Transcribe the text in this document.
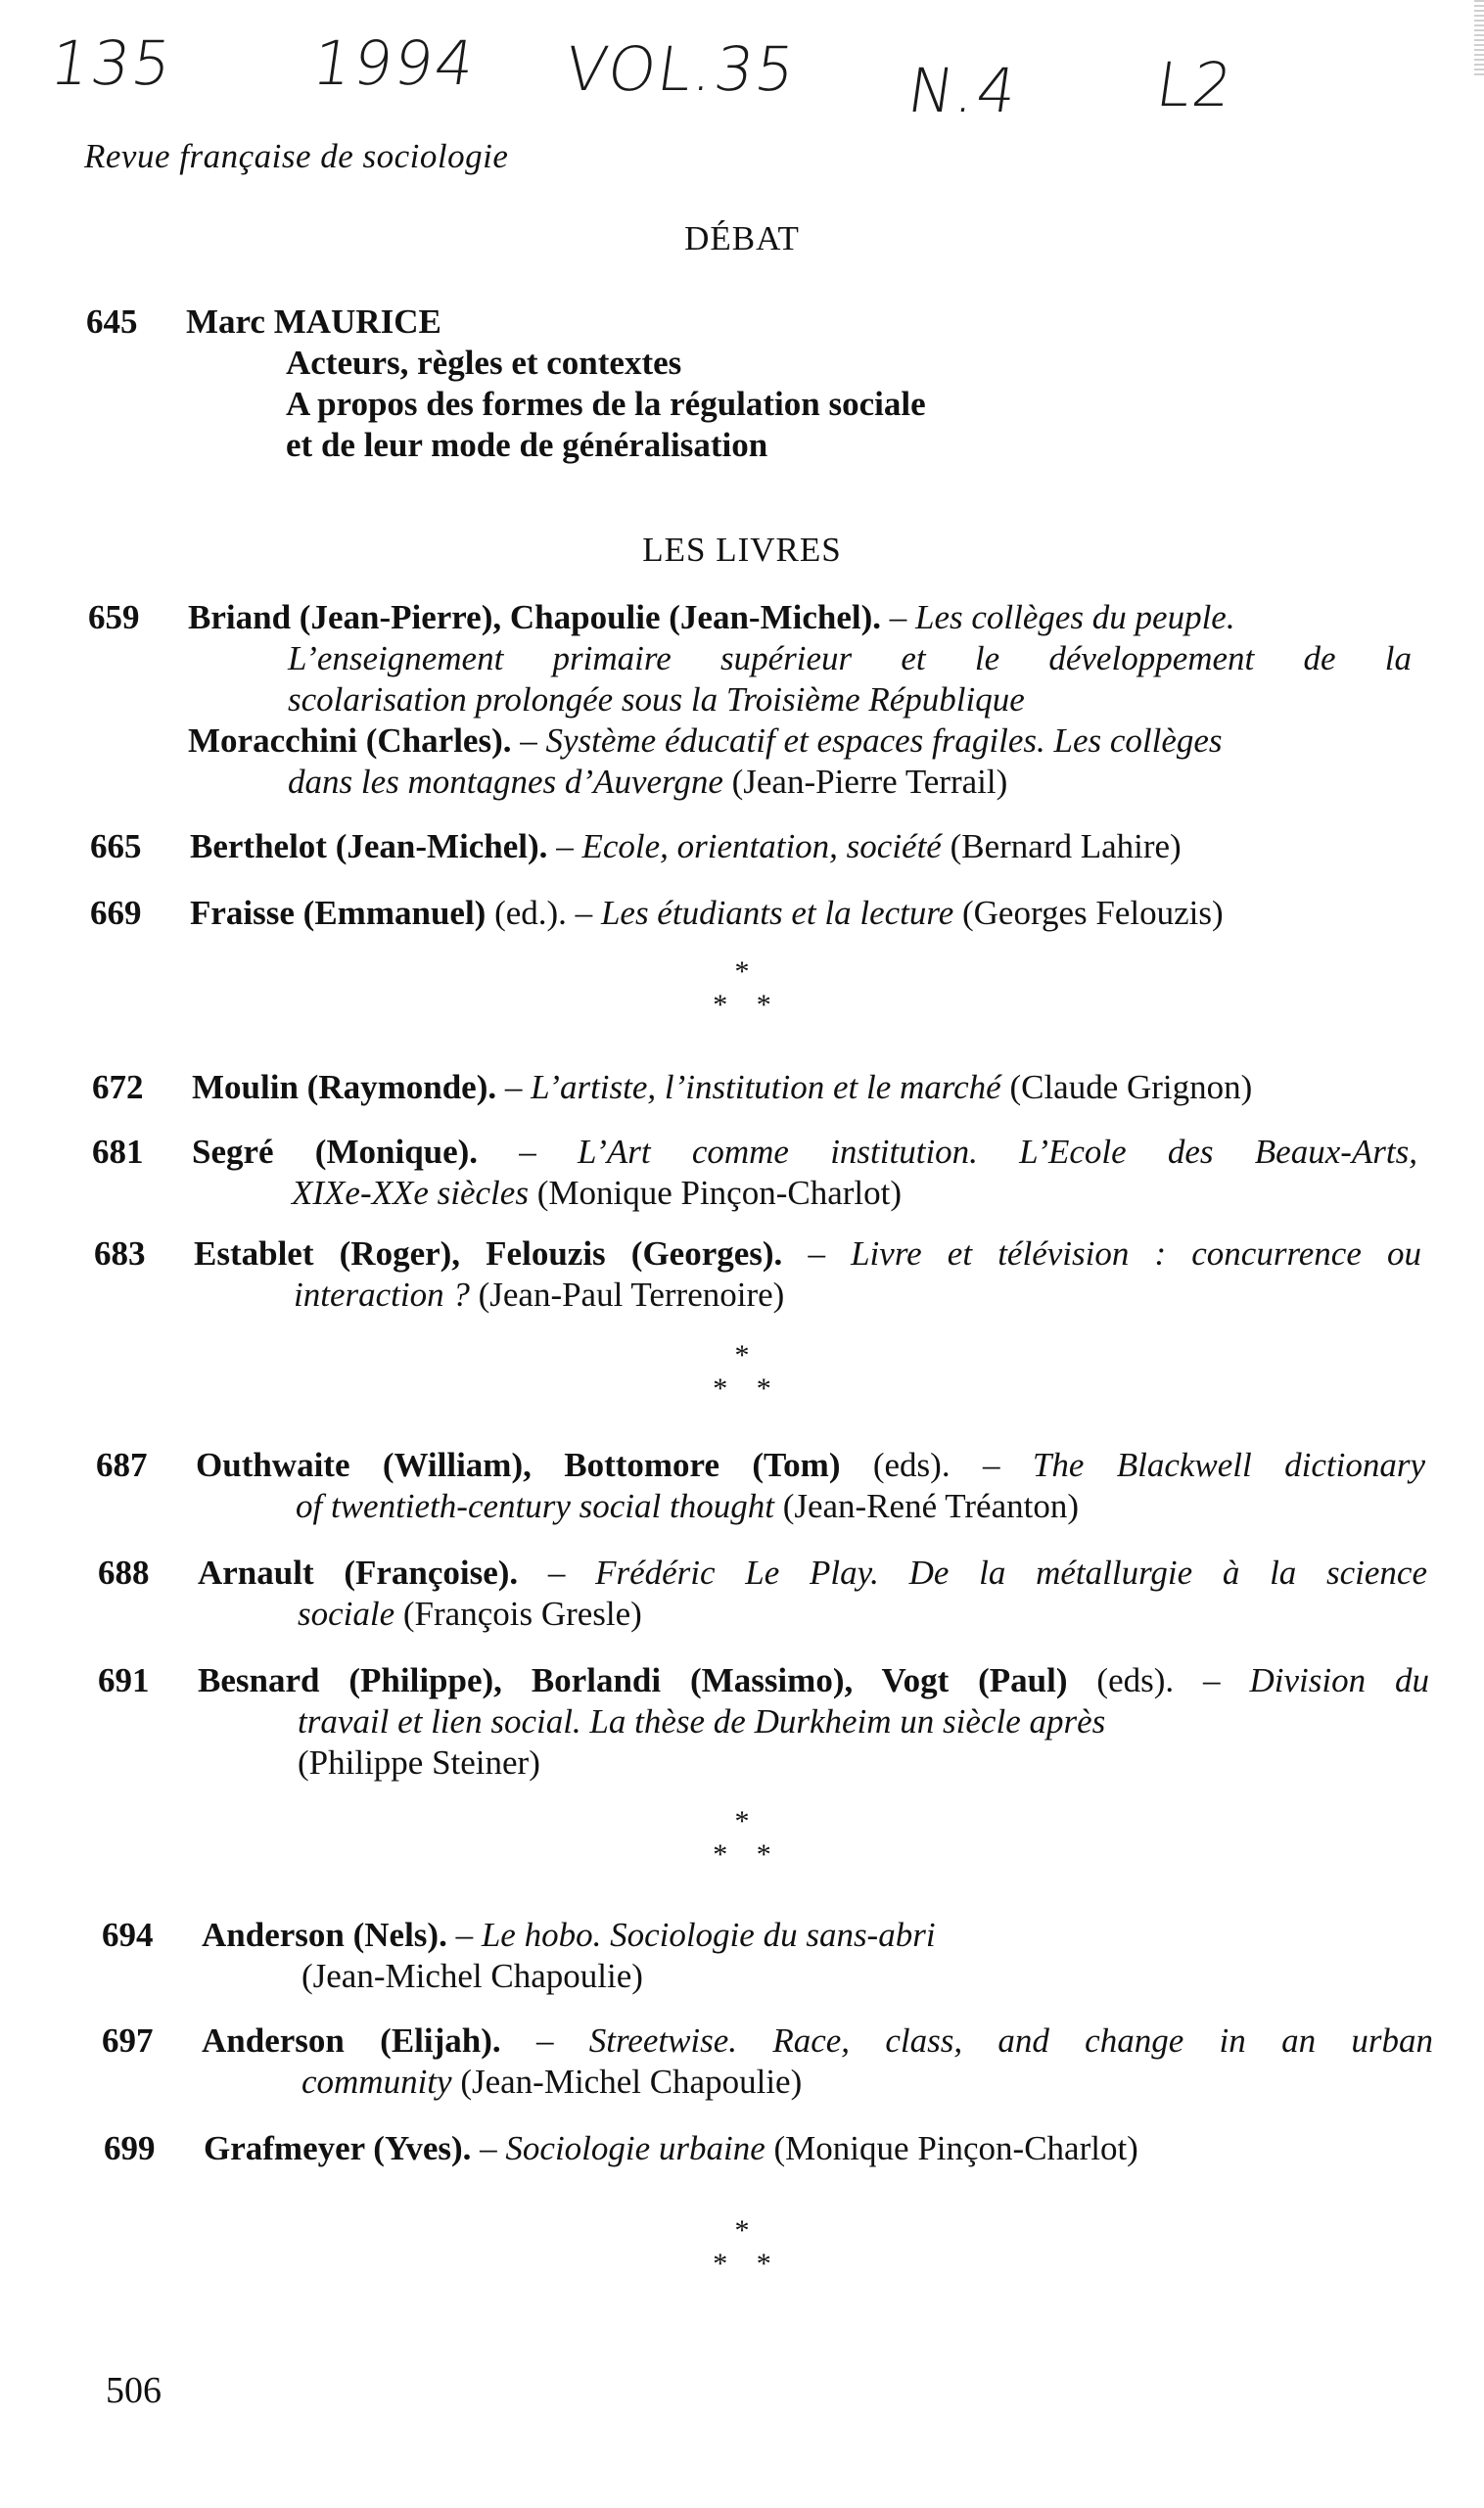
135 1994 VOL.35 N.4 L2
Revue française de sociologie
DÉBAT
645 Marc MAURICE

Acteurs, règles et contextes

A propos des formes de la régulation sociale

et de leur mode de généralisation

LES LIVRES
659 Briand (Jean-Pierre), Chapoulie (Jean-Michel). – Les collèges du peuple.

L’enseignement primaire supérieur et le développement de la

scolarisation prolongée sous la Troisième République

Moracchini (Charles). – Système éducatif et espaces fragiles. Les collèges

dans les montagnes d’Auvergne (Jean-Pierre Terrail)

665 Berthelot (Jean-Michel). – Ecole, orientation, société (Bernard Lahire)

669 Fraisse (Emmanuel) (ed.). – Les étudiants et la lecture (Georges Felouzis)

*
* *
672 Moulin (Raymonde). – L’artiste, l’institution et le marché (Claude Grignon)

681 Segré (Monique). – L’Art comme institution. L’Ecole des Beaux-Arts,

XIXe-XXe siècles (Monique Pinçon-Charlot)

683 Establet (Roger), Felouzis (Georges). – Livre et télévision : concurrence ou

interaction ? (Jean-Paul Terrenoire)

*
* *
687 Outhwaite (William), Bottomore (Tom) (eds). – The Blackwell dictionary

of twentieth-century social thought (Jean-René Tréanton)

688 Arnault (Françoise). – Frédéric Le Play. De la métallurgie à la science

sociale (François Gresle)

691 Besnard (Philippe), Borlandi (Massimo), Vogt (Paul) (eds). – Division du

travail et lien social. La thèse de Durkheim un siècle après

(Philippe Steiner)

*
* *
694 Anderson (Nels). – Le hobo. Sociologie du sans-abri

(Jean-Michel Chapoulie)

697 Anderson (Elijah). – Streetwise. Race, class, and change in an urban

community (Jean-Michel Chapoulie)

699 Grafmeyer (Yves). – Sociologie urbaine (Monique Pinçon-Charlot)

*
* *
506
